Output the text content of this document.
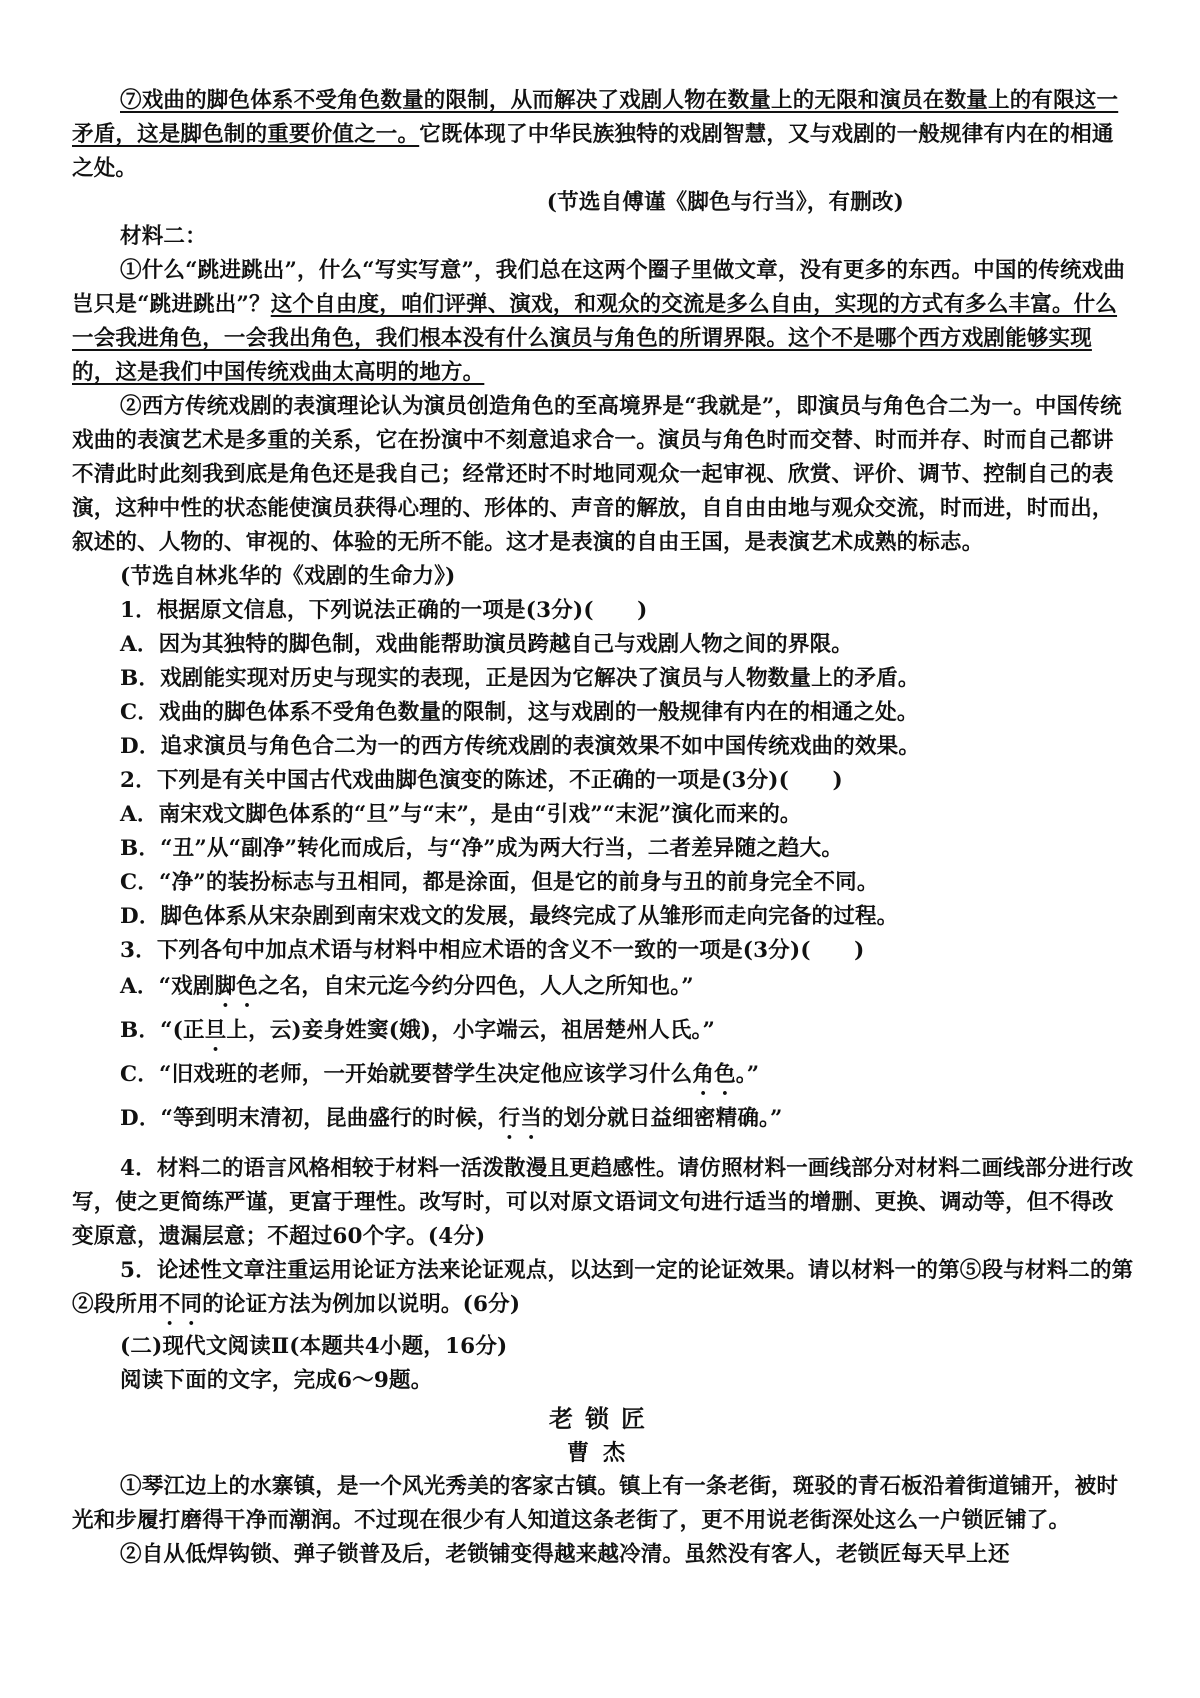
⑦戏曲的脚色体系不受角色数量的限制，从而解决了戏剧人物在数量上的无限和演员在数量上的有限这一矛盾，这是脚色制的重要价值之一。它既体现了中华民族独特的戏剧智慧，又与戏剧的一般规律有内在的相通之处。

(节选自傅谨《脚色与行当》，有删改)

材料二：

①什么“跳进跳出”，什么“写实写意”，我们总在这两个圈子里做文章，没有更多的东西。中国的传统戏曲岂只是“跳进跳出”？这个自由度，咱们评弹、演戏，和观众的交流是多么自由，实现的方式有多么丰富。什么一会我进角色，一会我出角色，我们根本没有什么演员与角色的所谓界限。这个不是哪个西方戏剧能够实现的，这是我们中国传统戏曲太高明的地方。

②西方传统戏剧的表演理论认为演员创造角色的至高境界是“我就是”，即演员与角色合二为一。中国传统戏曲的表演艺术是多重的关系，它在扮演中不刻意追求合一。演员与角色时而交替、时而并存、时而自己都讲不清此时此刻我到底是角色还是我自己；经常还时不时地同观众一起审视、欣赏、评价、调节、控制自己的表演，这种中性的状态能使演员获得心理的、形体的、声音的解放，自自由由地与观众交流，时而进，时而出，叙述的、人物的、审视的、体验的无所不能。这才是表演的自由王国，是表演艺术成熟的标志。

(节选自林兆华的《戏剧的生命力》)

1．根据原文信息，下列说法正确的一项是(3分)(　　)

A．因为其独特的脚色制，戏曲能帮助演员跨越自己与戏剧人物之间的界限。

B．戏剧能实现对历史与现实的表现，正是因为它解决了演员与人物数量上的矛盾。

C．戏曲的脚色体系不受角色数量的限制，这与戏剧的一般规律有内在的相通之处。

D．追求演员与角色合二为一的西方传统戏剧的表演效果不如中国传统戏曲的效果。

2．下列是有关中国古代戏曲脚色演变的陈述，不正确的一项是(3分)(　　)

A．南宋戏文脚色体系的“旦”与“末”，是由“引戏”“末泥”演化而来的。

B．“丑”从“副净”转化而成后，与“净”成为两大行当，二者差异随之趋大。

C．“净”的装扮标志与丑相同，都是涂面，但是它的前身与丑的前身完全不同。

D．脚色体系从宋杂剧到南宋戏文的发展，最终完成了从雏形而走向完备的过程。

3．下列各句中加点术语与材料中相应术语的含义不一致的一项是(3分)(　　)

A．“戏剧脚色之名，自宋元迄今约分四色，人人之所知也。”

B．“(正旦上，云)妾身姓窦(娥)，小字端云，祖居楚州人氏。”

C．“旧戏班的老师，一开始就要替学生决定他应该学习什么角色。”

D．“等到明末清初，昆曲盛行的时候，行当的划分就日益细密精确。”

4．材料二的语言风格相较于材料一活泼散漫且更趋感性。请仿照材料一画线部分对材料二画线部分进行改写，使之更简练严谨，更富于理性。改写时，可以对原文语词文句进行适当的增删、更换、调动等，但不得改变原意，遗漏层意；不超过60个字。(4分)

5．论述性文章注重运用论证方法来论证观点，以达到一定的论证效果。请以材料一的第⑤段与材料二的第②段所用不同的论证方法为例加以说明。(6分)

(二)现代文阅读Ⅱ(本题共4小题，16分)

阅读下面的文字，完成6～9题。

老锁匠

曹杰

①琴江边上的水寨镇，是一个风光秀美的客家古镇。镇上有一条老街，斑驳的青石板沿着街道铺开，被时光和步履打磨得干净而潮润。不过现在很少有人知道这条老街了，更不用说老街深处这么一户锁匠铺了。

②自从低焊钩锁、弹子锁普及后，老锁铺变得越来越冷清。虽然没有客人，老锁匠每天早上还
